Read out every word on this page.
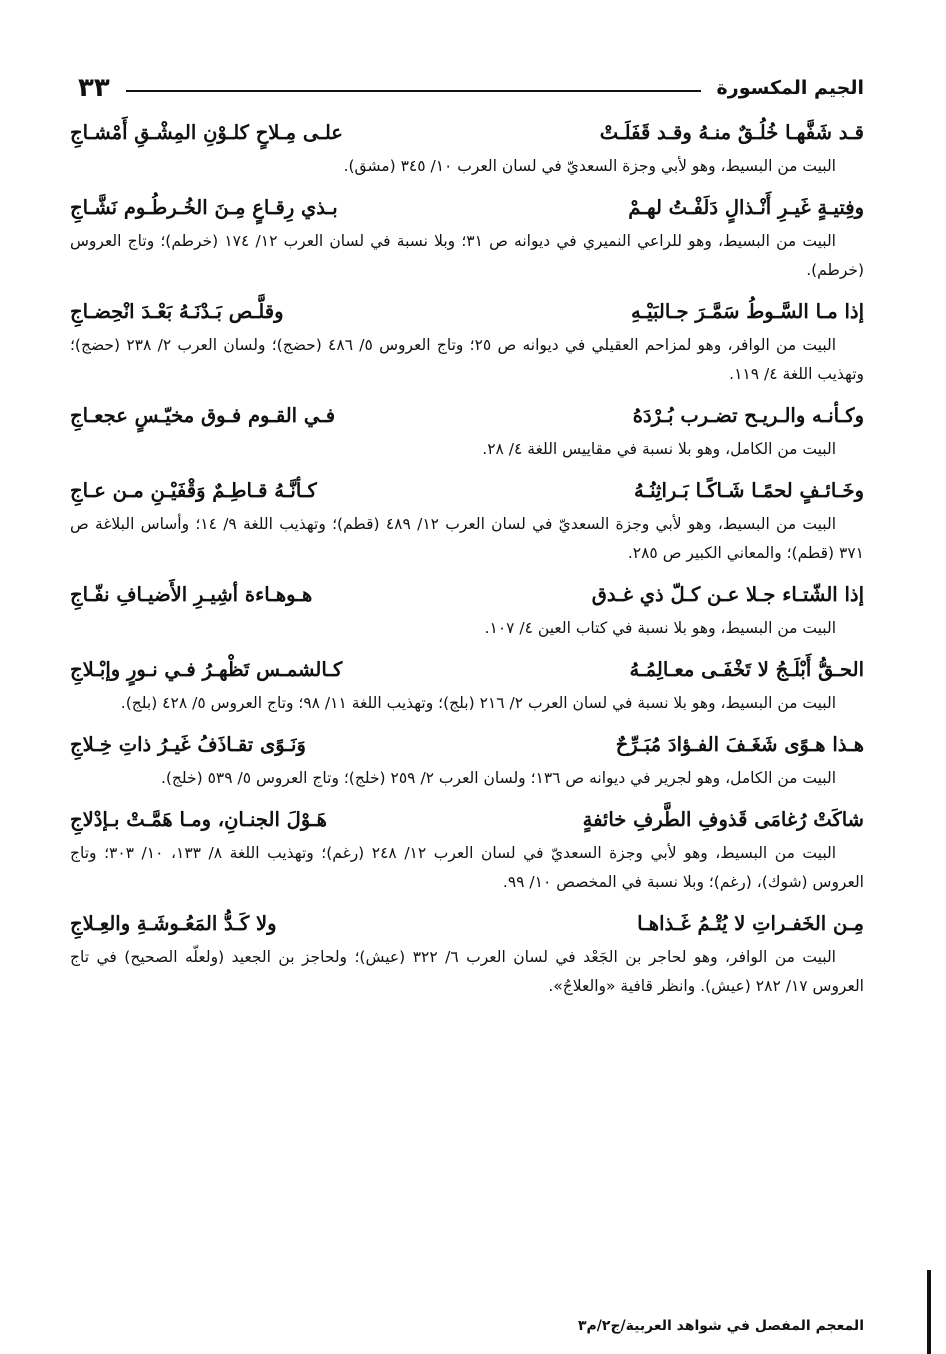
الجيم المكسورة
٣٣
قـد شَفَّهـا خُلُـقٌ منـهُ وقـد قَفَلَـتْ
علـى مِـلاحٍ كلـوْنِ المِشْـقِ أَمْشـاجِ

البيت من البسيط، وهو لأبي وجزة السعديّ في لسان العرب ١٠/ ٣٤٥ (مشق).

وفِتيـةٍ غَيـرِ أَنْـذالٍ دَلَفْـتُ لهـمْ
بـذي رِقـاعٍ مِـنَ الخُـرطُـوم نَشَّـاجِ

البيت من البسيط، وهو للراعي النميري في ديوانه ص ٣١؛ وبلا نسبة في لسان العرب ١٢/ ١٧٤ (خرطم)؛ وتاج العروس (خرطم).

إذا مـا السَّـوطُ سَمَّـرَ جـالبَيْـهِ
وقلَّـص بَـدْنَـهُ بَعْـدَ انْحِضـاجِ

البيت من الوافر، وهو لمزاحم العقيلي في ديوانه ص ٢٥؛ وتاج العروس ٥/ ٤٨٦ (حضج)؛ ولسان العرب ٢/ ٢٣٨ (حضج)؛ وتهذيب اللغة ٤/ ١١٩.

وكـأنـه والـريـح تضـرب بُـرْدَهُ
فـي القـوم فـوق مخيّـسٍ عجعـاجِ

البيت من الكامل، وهو بلا نسبة في مقاييس اللغة ٤/ ٢٨.

وخَـائـفٍ لحمًـا شَـاكًـا بَـراثِنُـهُ
كـأنَّـهُ قـاطِـمٌ وَقْفَيْـنِ مـن عـاجِ

البيت من البسيط، وهو لأبي وجزة السعديّ في لسان العرب ١٢/ ٤٨٩ (قطم)؛ وتهذيب اللغة ٩/ ١٤؛ وأساس البلاغة ص ٣٧١ (قطم)؛ والمعاني الكبير ص ٢٨٥.

إذا الشّتـاء جـلا عـن كـلّ ذي غـدق
هـوهـاءة أشِيـرِ الأَضيـافِ نفّـاجِ

البيت من البسيط، وهو بلا نسبة في كتاب العين ٤/ ١٠٧.

الحـقُّ أَبْلَـجُ لا تَخْفَـى معـالِمُـهُ
كـالشمـس تَظْهـرُ فـي نـورٍ وإبْـلاجِ

البيت من البسيط، وهو بلا نسبة في لسان العرب ٢/ ٢١٦ (بلج)؛ وتهذيب اللغة ١١/ ٩٨؛ وتاج العروس ٥/ ٤٢٨ (بلج).

هـذا هـوًى شَغَـفَ الفـؤادَ مُبَـرِّحٌ
وَنَـوًى تقـاذَفُ غَيـرُ ذاتِ خِـلاجِ

البيت من الكامل، وهو لجرير في ديوانه ص ١٣٦؛ ولسان العرب ٢/ ٢٥٩ (خلج)؛ وتاج العروس ٥/ ٥٣٩ (خلج).

شاكَتْ رُغامَى قَذوفِ الطَّرفِ خائفةٍ
هَـوْلَ الجنـانِ، ومـا هَمَّـتْ بـإدْلاجِ

البيت من البسيط، وهو لأبي وجزة السعديّ في لسان العرب ١٢/ ٢٤٨ (رغم)؛ وتهذيب اللغة ٨/ ١٣٣، ١٠/ ٣٠٣؛ وتاج العروس (شوك)، (رغم)؛ وبلا نسبة في المخصص ١٠/ ٩٩.

مِـن الخَفـراتِ لا يُتْـمُ غَـذاهـا
ولا كَـدُّ المَعُـوشَـةِ والعِـلاجِ

البيت من الوافر، وهو لحاجر بن الجَعْد في لسان العرب ٦/ ٣٢٢ (عيش)؛ ولحاجز بن الجعيد (ولعلّه الصحيح) في تاج العروس ١٧/ ٢٨٢ (عيش). وانظر قافية «والعلاجُ».

المعجم المفصل في شواهد العربية/ج٢/م٣
